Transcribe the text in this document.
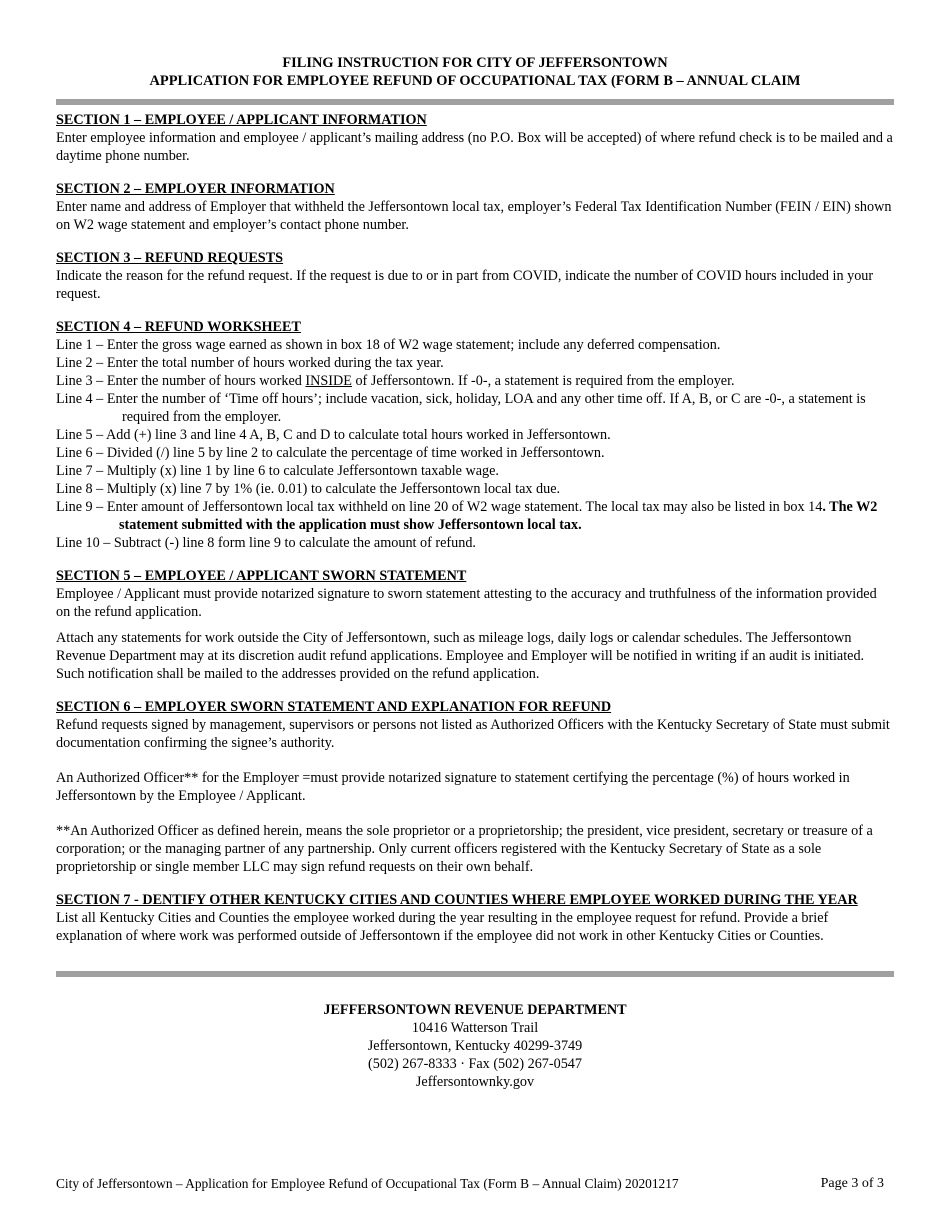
FILING INSTRUCTION FOR CITY OF JEFFERSONTOWN
APPLICATION FOR EMPLOYEE REFUND OF OCCUPATIONAL TAX (FORM B – ANNUAL CLAIM
SECTION 1 – EMPLOYEE / APPLICANT INFORMATION

Enter employee information and employee / applicant’s mailing address (no P.O. Box will be accepted) of where refund check is to be mailed and a daytime phone number.

SECTION 2 – EMPLOYER INFORMATION

Enter name and address of Employer that withheld the Jeffersontown local tax, employer’s Federal Tax Identification Number (FEIN / EIN) shown on W2 wage statement and employer’s contact phone number.

SECTION 3 – REFUND REQUESTS

Indicate the reason for the refund request. If the request is due to or in part from COVID, indicate the number of COVID hours included in your request.

SECTION 4 – REFUND WORKSHEET
Line 1 – Enter the gross wage earned as shown in box 18 of W2 wage statement; include any deferred compensation.
Line 2 – Enter the total number of hours worked during the tax year.
Line 3 – Enter the number of hours worked INSIDE of Jeffersontown. If -0-, a statement is required from the employer.
Line 4 – Enter the number of ‘Time off hours’; include vacation, sick, holiday, LOA and any other time off. If A, B, or C are -0-, a statement is required from the employer.
Line 5 – Add (+) line 3 and line 4 A, B, C and D to calculate total hours worked in Jeffersontown.
Line 6 – Divided (/) line 5 by line 2 to calculate the percentage of time worked in Jeffersontown.
Line 7 – Multiply (x) line 1 by line 6 to calculate Jeffersontown taxable wage.
Line 8 – Multiply (x) line 7 by 1% (ie. 0.01) to calculate the Jeffersontown local tax due.
Line 9 – Enter amount of Jeffersontown local tax withheld on line 20 of W2 wage statement. The local tax may also be listed in box 14. The W2 statement submitted with the application must show Jeffersontown local tax.
Line 10 – Subtract (-) line 8 form line 9 to calculate the amount of refund.
SECTION 5 – EMPLOYEE / APPLICANT SWORN STATEMENT

Employee / Applicant must provide notarized signature to sworn statement attesting to the accuracy and truthfulness of the information provided on the refund application.

Attach any statements for work outside the City of Jeffersontown, such as mileage logs, daily logs or calendar schedules. The Jeffersontown Revenue Department may at its discretion audit refund applications. Employee and Employer will be notified in writing if an audit is initiated. Such notification shall be mailed to the addresses provided on the refund application.

SECTION 6 – EMPLOYER SWORN STATEMENT AND EXPLANATION FOR REFUND

Refund requests signed by management, supervisors or persons not listed as Authorized Officers with the Kentucky Secretary of State must submit documentation confirming the signee’s authority.

An Authorized Officer** for the Employer =must provide notarized signature to statement certifying the percentage (%) of hours worked in Jeffersontown by the Employee / Applicant.

**An Authorized Officer as defined herein, means the sole proprietor or a proprietorship; the president, vice president, secretary or treasure of a corporation; or the managing partner of any partnership. Only current officers registered with the Kentucky Secretary of State as a sole proprietorship or single member LLC may sign refund requests on their own behalf.

SECTION 7 - DENTIFY OTHER KENTUCKY CITIES AND COUNTIES WHERE EMPLOYEE WORKED DURING THE YEAR

List all Kentucky Cities and Counties the employee worked during the year resulting in the employee request for refund. Provide a brief explanation of where work was performed outside of Jeffersontown if the employee did not work in other Kentucky Cities or Counties.

JEFFERSONTOWN REVENUE DEPARTMENT
10416 Watterson Trail
Jeffersontown, Kentucky 40299-3749
(502) 267-8333 · Fax (502) 267-0547
Jeffersontownky.gov
City of Jeffersontown – Application for Employee Refund of Occupational Tax (Form B – Annual Claim) 20201217	Page 3 of 3
